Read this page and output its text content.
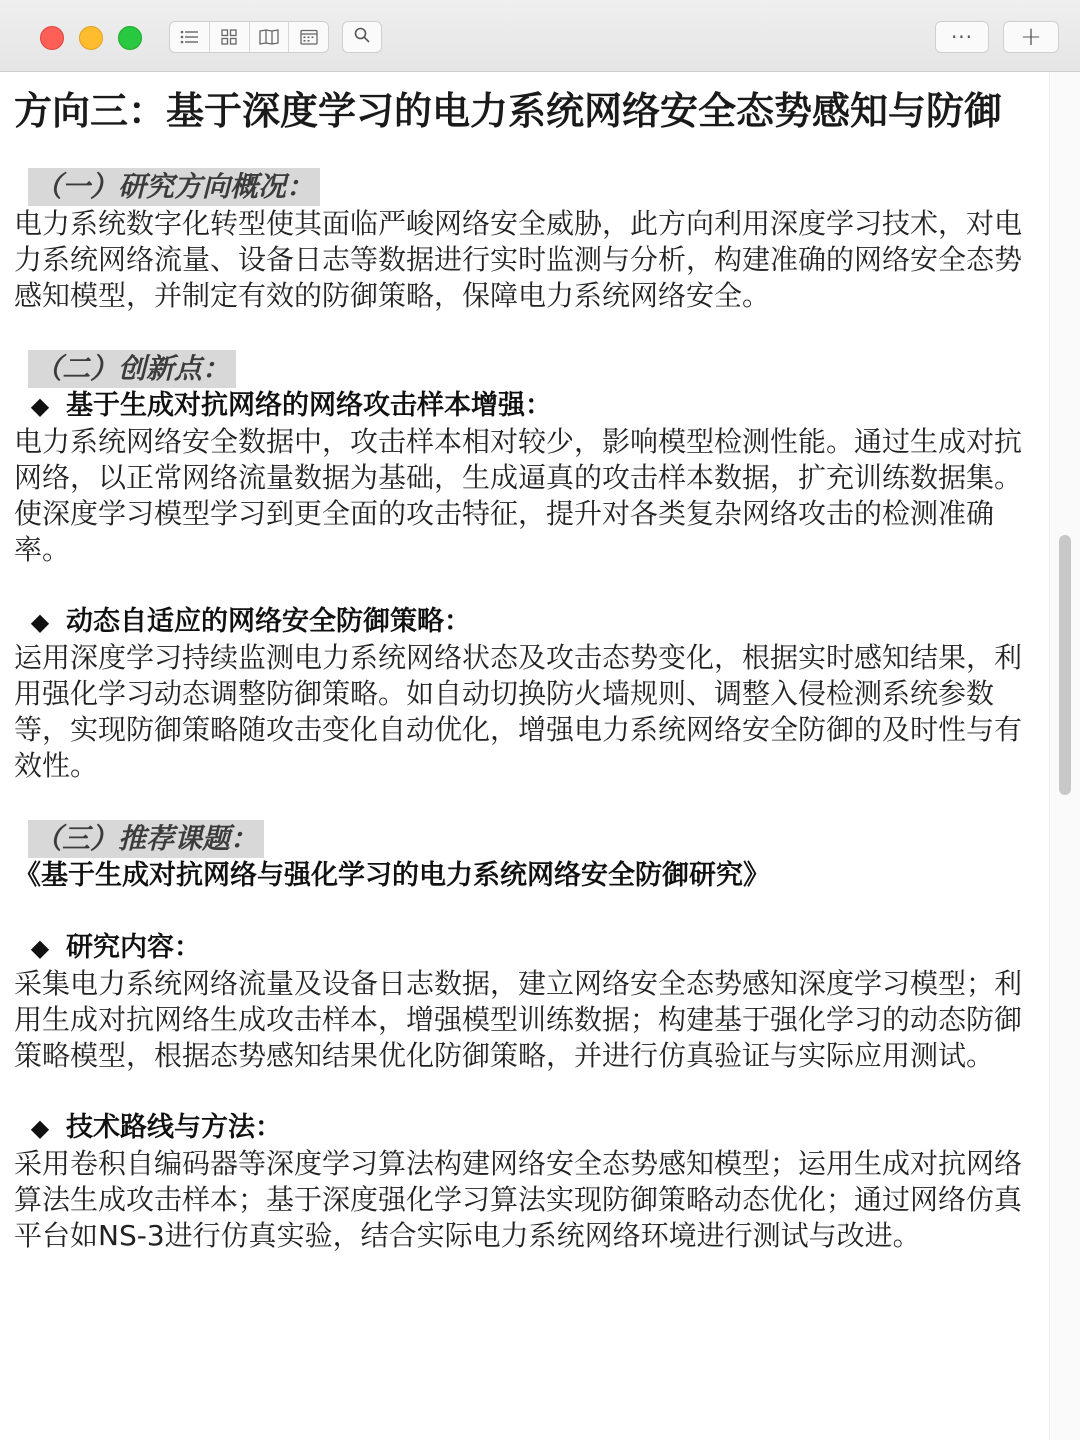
··· +
方向三：基于深度学习的电力系统网络安全态势感知与防御
（一）研究方向概况：

电力系统数字化转型使其面临严峻网络安全威胁，此方向利用深度学习技术，对电力系统网络流量、设备日志等数据进行实时监测与分析，构建准确的网络安全态势感知模型，并制定有效的防御策略，保障电力系统网络安全。

（二）创新点：
◆ 基于生成对抗网络的网络攻击样本增强：

电力系统网络安全数据中，攻击样本相对较少，影响模型检测性能。通过生成对抗网络，以正常网络流量数据为基础，生成逼真的攻击样本数据，扩充训练数据集。使深度学习模型学习到更全面的攻击特征，提升对各类复杂网络攻击的检测准确率。

◆ 动态自适应的网络安全防御策略：

运用深度学习持续监测电力系统网络状态及攻击态势变化，根据实时感知结果，利用强化学习动态调整防御策略。如自动切换防火墙规则、调整入侵检测系统参数等，实现防御策略随攻击变化自动优化，增强电力系统网络安全防御的及时性与有效性。

（三）推荐课题：

《基于生成对抗网络与强化学习的电力系统网络安全防御研究》

◆ 研究内容：

采集电力系统网络流量及设备日志数据，建立网络安全态势感知深度学习模型；利用生成对抗网络生成攻击样本，增强模型训练数据；构建基于强化学习的动态防御策略模型，根据态势感知结果优化防御策略，并进行仿真验证与实际应用测试。

◆ 技术路线与方法：

采用卷积自编码器等深度学习算法构建网络安全态势感知模型；运用生成对抗网络算法生成攻击样本；基于深度强化学习算法实现防御策略动态优化；通过网络仿真平台如NS-3进行仿真实验，结合实际电力系统网络环境进行测试与改进。
